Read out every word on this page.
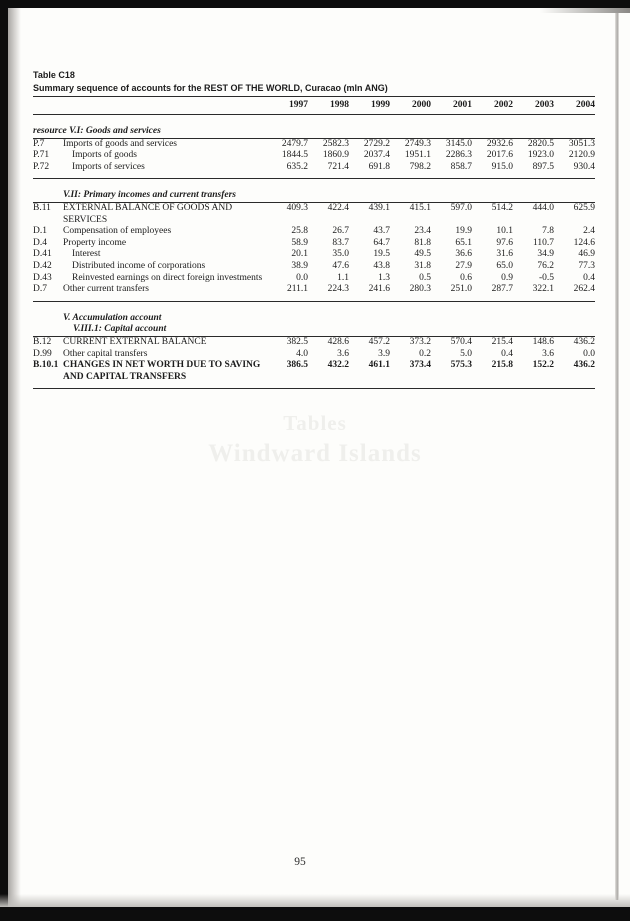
Table C18
Summary sequence of accounts for the REST OF THE WORLD, Curacao (mln ANG)
		1997	1998	1999	2000	2001	2002	2003	2004

resource V.I: Goods and services									
P.7	Imports of goods and services	2479.7	2582.3	2729.2	2749.3	3145.0	2932.6	2820.5	3051.3
P.71	Imports of goods	1844.5	1860.9	2037.4	1951.1	2286.3	2017.6	1923.0	2120.9
P.72	Imports of services	635.2	721.4	691.8	798.2	858.7	915.0	897.5	930.4

V.II: Primary incomes and current transfers									
B.11	EXTERNAL BALANCE OF GOODS AND SERVICES	409.3	422.4	439.1	415.1	597.0	514.2	444.0	625.9
D.1	Compensation of employees	25.8	26.7	43.7	23.4	19.9	10.1	7.8	2.4
D.4	Property income	58.9	83.7	64.7	81.8	65.1	97.6	110.7	124.6
D.41	Interest	20.1	35.0	19.5	49.5	36.6	31.6	34.9	46.9
D.42	Distributed income of corporations	38.9	47.6	43.8	31.8	27.9	65.0	76.2	77.3
D.43	Reinvested earnings on direct foreign investments	0.0	1.1	1.3	0.5	0.6	0.9	-0.5	0.4
D.7	Other current transfers	211.1	224.3	241.6	280.3	251.0	287.7	322.1	262.4

V. Accumulation account									
V.III.1: Capital account									
B.12	CURRENT EXTERNAL BALANCE	382.5	428.6	457.2	373.2	570.4	215.4	148.6	436.2
D.99	Other capital transfers	4.0	3.6	3.9	0.2	5.0	0.4	3.6	0.0
B.10.1	CHANGES IN NET WORTH DUE TO SAVING AND CAPITAL TRANSFERS	386.5	432.2	461.1	373.4	575.3	215.8	152.2	436.2
Tables
Windward Islands
95
